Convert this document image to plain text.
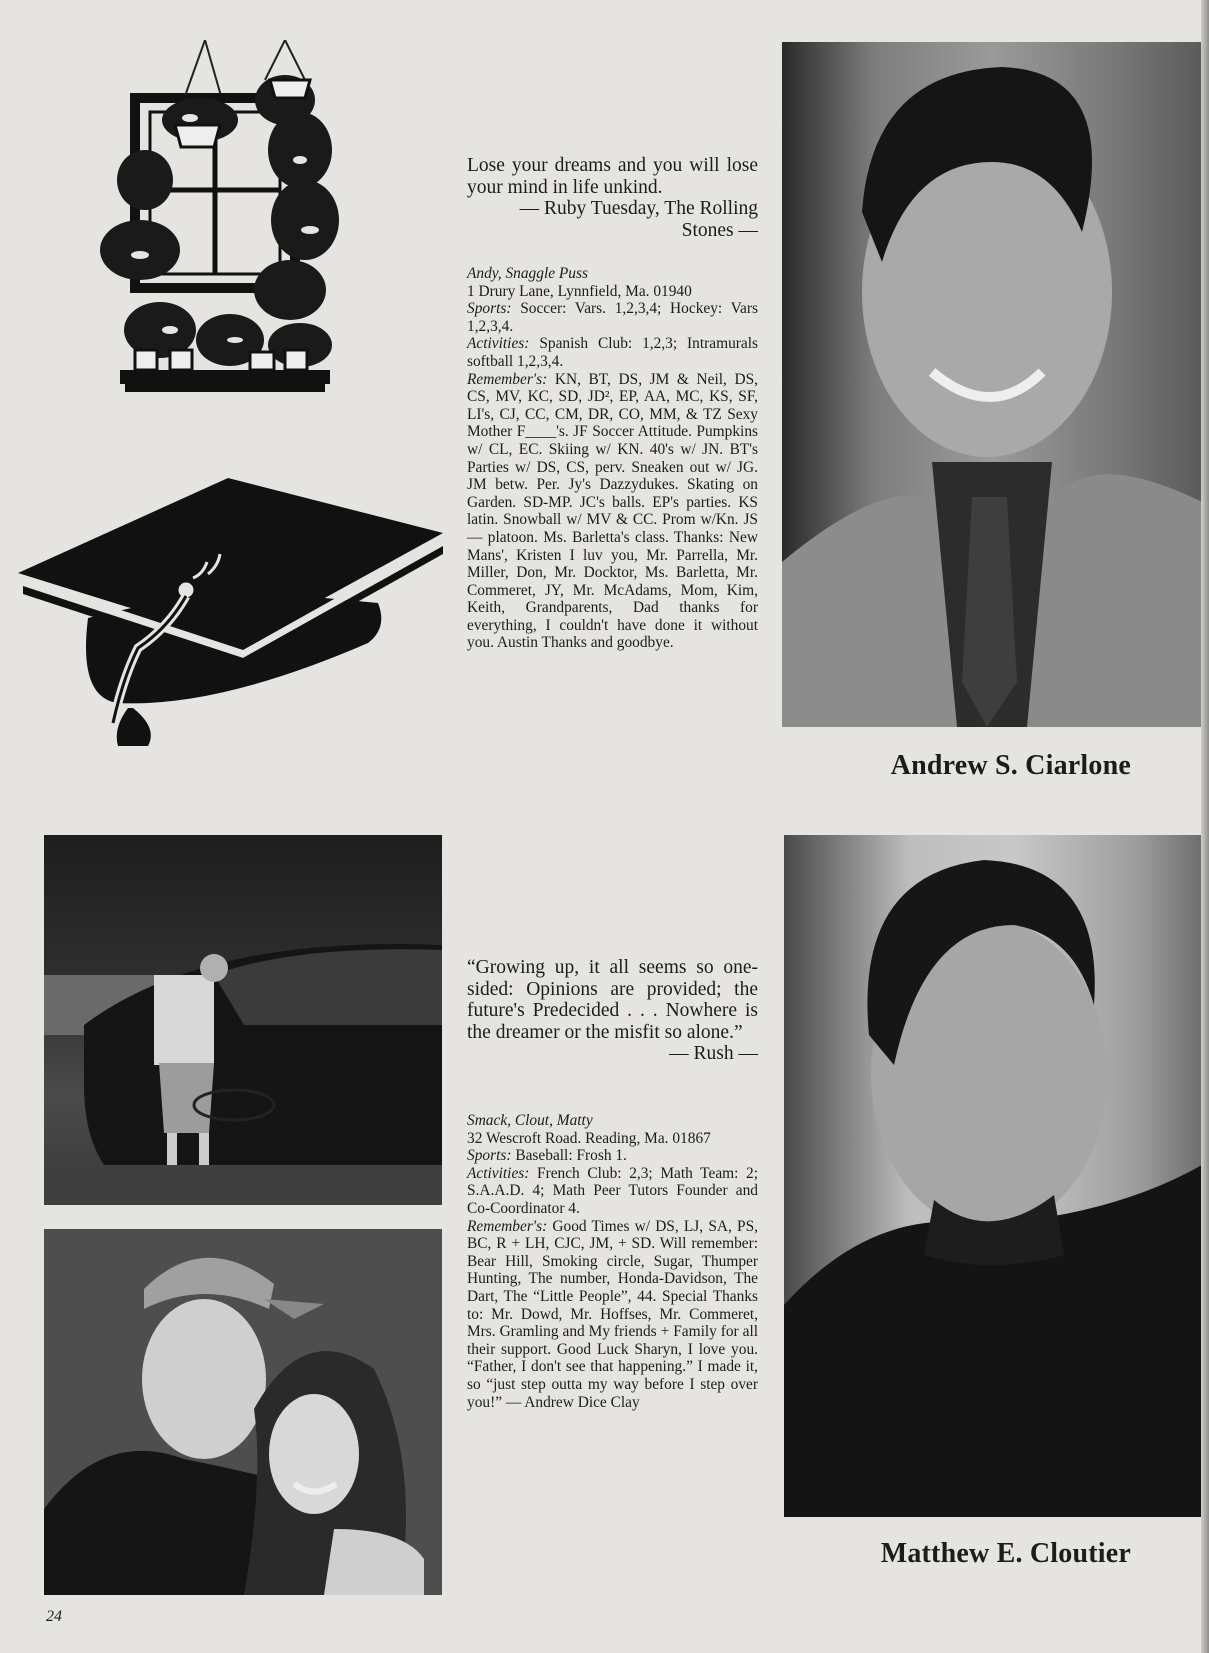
Andrew S. Ciarlone
Lose your dreams and you will lose your mind in life unkind.
— Ruby Tuesday, The Rolling Stones —
Andy, Snaggle Puss

1 Drury Lane, Lynnfield, Ma. 01940

Sports: Soccer: Vars. 1,2,3,4; Hockey: Vars 1,2,3,4.

Activities: Spanish Club: 1,2,3; Intramurals softball 1,2,3,4.

Remember's: KN, BT, DS, JM & Neil, DS, CS, MV, KC, SD, JD², EP, AA, MC, KS, SF, LI's, CJ, CC, CM, DR, CO, MM, & TZ Sexy Mother F____'s. JF Soccer Attitude. Pumpkins w/ CL, EC. Skiing w/ KN. 40's w/ JN. BT's Parties w/ DS, CS, perv. Sneaken out w/ JG. JM betw. Per. Jy's Dazzydukes. Skating on Garden. SD-MP. JC's balls. EP's parties. KS latin. Snowball w/ MV & CC. Prom w/Kn. JS — platoon. Ms. Barletta's class. Thanks: New Mans', Kristen I luv you, Mr. Parrella, Mr. Miller, Don, Mr. Docktor, Ms. Barletta, Mr. Commeret, JY, Mr. McAdams, Mom, Kim, Keith, Grandparents, Dad thanks for everything, I couldn't have done it without you. Austin Thanks and goodbye.

Matthew E. Cloutier
“Growing up, it all seems so one-sided: Opinions are provided; the future's Predecided . . . Nowhere is the dreamer or the misfit so alone.”
— Rush —
Smack, Clout, Matty

32 Wescroft Road. Reading, Ma. 01867

Sports: Baseball: Frosh 1.

Activities: French Club: 2,3; Math Team: 2; S.A.A.D. 4; Math Peer Tutors Founder and Co-Coordinator 4.

Remember's: Good Times w/ DS, LJ, SA, PS, BC, R + LH, CJC, JM, + SD. Will remember: Bear Hill, Smoking circle, Sugar, Thumper Hunting, The number, Honda-Davidson, The Dart, The “Little People”, 44. Special Thanks to: Mr. Dowd, Mr. Hoffses, Mr. Commeret, Mrs. Gramling and My friends + Family for all their support. Good Luck Sharyn, I love you. “Father, I don't see that happening.” I made it, so “just step outta my way before I step over you!” — Andrew Dice Clay

24
